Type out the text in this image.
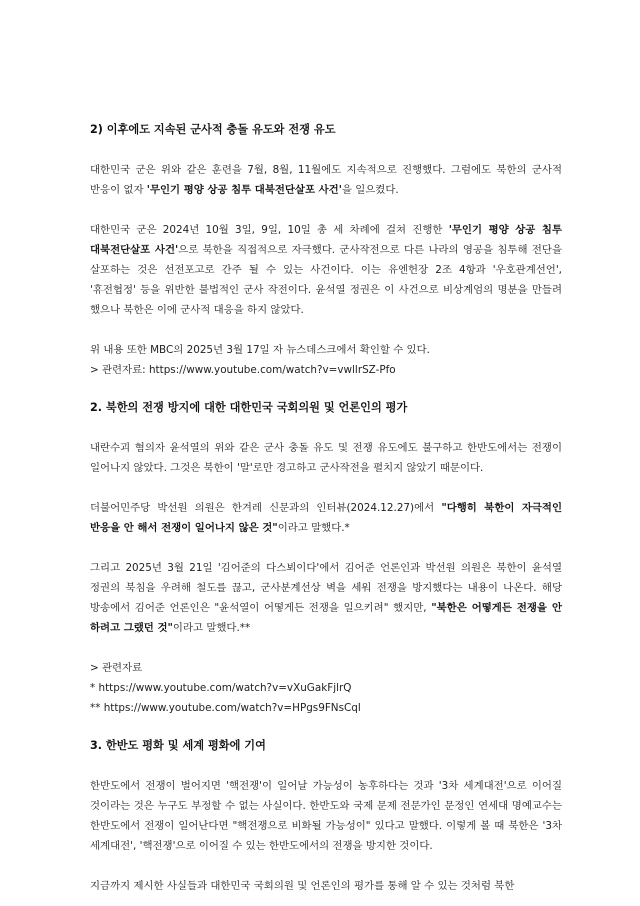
2) 이후에도 지속된 군사적 충돌 유도와 전쟁 유도

대한민국 군은 위와 같은 훈련을 7월, 8월, 11월에도 지속적으로 진행했다. 그럼에도 북한의 군사적 반응이 없자 '무인기 평양 상공 침투 대북전단살포 사건'을 일으켰다.

대한민국 군은 2024년 10월 3일, 9일, 10일 총 세 차례에 걸쳐 진행한 '무인기 평양 상공 침투 대북전단살포 사건'으로 북한을 직접적으로 자극했다. 군사작전으로 다른 나라의 영공을 침투해 전단을 살포하는 것은 선전포고로 간주 될 수 있는 사건이다. 이는 유엔헌장 2조 4항과 '우호관계선언', '휴전협정' 등을 위반한 불법적인 군사 작전이다. 윤석열 정권은 이 사건으로 비상계엄의 명분을 만들려 했으나 북한은 이에 군사적 대응을 하지 않았다.

위 내용 또한 MBC의 2025년 3월 17일 자 뉴스데스크에서 확인할 수 있다.

> 관련자료: https://www.youtube.com/watch?v=vwllrSZ-Pfo
2. 북한의 전쟁 방지에 대한 대한민국 국회의원 및 언론인의 평가

내란수괴 혐의자 윤석열의 위와 같은 군사 충돌 유도 및 전쟁 유도에도 불구하고 한반도에서는 전쟁이 일어나지 않았다. 그것은 북한이 '말'로만 경고하고 군사작전을 펼치지 않았기 때문이다.

더불어민주당 박선원 의원은 한겨레 신문과의 인터뷰(2024.12.27)에서 "다행히 북한이 자극적인 반응을 안 해서 전쟁이 일어나지 않은 것"이라고 말했다.*

그리고 2025년 3월 21일 '김어준의 다스뵈이다'에서 김어준 언론인과 박선원 의원은 북한이 윤석열 정권의 북침을 우려해 철도를 끊고, 군사분계선상 벽을 세워 전쟁을 방지했다는 내용이 나온다. 해당 방송에서 김어준 언론인은 "윤석열이 어떻게든 전쟁을 일으키려" 했지만, "북한은 어떻게든 전쟁을 안 하려고 그랬던 것"이라고 말했다.**

> 관련자료
* https://www.youtube.com/watch?v=vXuGakFjlrQ
** https://www.youtube.com/watch?v=HPgs9FNsCql
3. 한반도 평화 및 세계 평화에 기여

한반도에서 전쟁이 벌어지면 '핵전쟁'이 일어날 가능성이 농후하다는 것과 '3차 세계대전'으로 이어질 것이라는 것은 누구도 부정할 수 없는 사실이다. 한반도와 국제 문제 전문가인 문정인 연세대 명예교수는 한반도에서 전쟁이 일어난다면 "핵전쟁으로 비화될 가능성이" 있다고 말했다. 이렇게 볼 때 북한은 '3차 세계대전', '핵전쟁'으로 이어질 수 있는 한반도에서의 전쟁을 방지한 것이다.

지금까지 제시한 사실들과 대한민국 국회의원 및 언론인의 평가를 통해 알 수 있는 것처럼 북한
